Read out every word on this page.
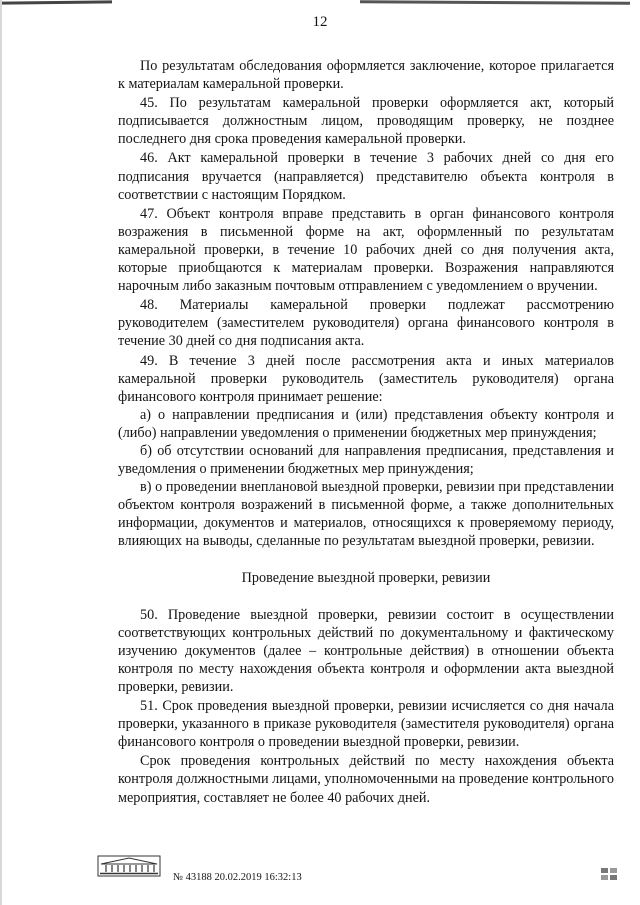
12

По результатам обследования оформляется заключение, которое прилагается к материалам камеральной проверки.

45. По результатам камеральной проверки оформляется акт, который подписывается должностным лицом, проводящим проверку, не позднее последнего дня срока проведения камеральной проверки.

46. Акт камеральной проверки в течение 3 рабочих дней со дня его подписания вручается (направляется) представителю объекта контроля в соответствии с настоящим Порядком.

47. Объект контроля вправе представить в орган финансового контроля возражения в письменной форме на акт, оформленный по результатам камеральной проверки, в течение 10 рабочих дней со дня получения акта, которые приобщаются к материалам проверки. Возражения направляются нарочным либо заказным почтовым отправлением с уведомлением о вручении.

48. Материалы камеральной проверки подлежат рассмотрению руководителем (заместителем руководителя) органа финансового контроля в течение 30 дней со дня подписания акта.

49. В течение 3 дней после рассмотрения акта и иных материалов камеральной проверки руководитель (заместитель руководителя) органа финансового контроля принимает решение:

а) о направлении предписания и (или) представления объекту контроля и (либо) направлении уведомления о применении бюджетных мер принуждения;

б) об отсутствии оснований для направления предписания, представления и уведомления о применении бюджетных мер принуждения;

в) о проведении внеплановой выездной проверки, ревизии при представлении объектом контроля возражений в письменной форме, а также дополнительных информации, документов и материалов, относящихся к проверяемому периоду, влияющих на выводы, сделанные по результатам выездной проверки, ревизии.

Проведение выездной проверки, ревизии

50. Проведение выездной проверки, ревизии состоит в осуществлении соответствующих контрольных действий по документальному и фактическому изучению документов (далее – контрольные действия) в отношении объекта контроля по месту нахождения объекта контроля и оформлении акта выездной проверки, ревизии.

51. Срок проведения выездной проверки, ревизии исчисляется со дня начала проверки, указанного в приказе руководителя (заместителя руководителя) органа финансового контроля о проведении выездной проверки, ревизии.

Срок проведения контрольных действий по месту нахождения объекта контроля должностными лицами, уполномоченными на проведение контрольного мероприятия, составляет не более 40 рабочих дней.

№ 43188 20.02.2019 16:32:13
